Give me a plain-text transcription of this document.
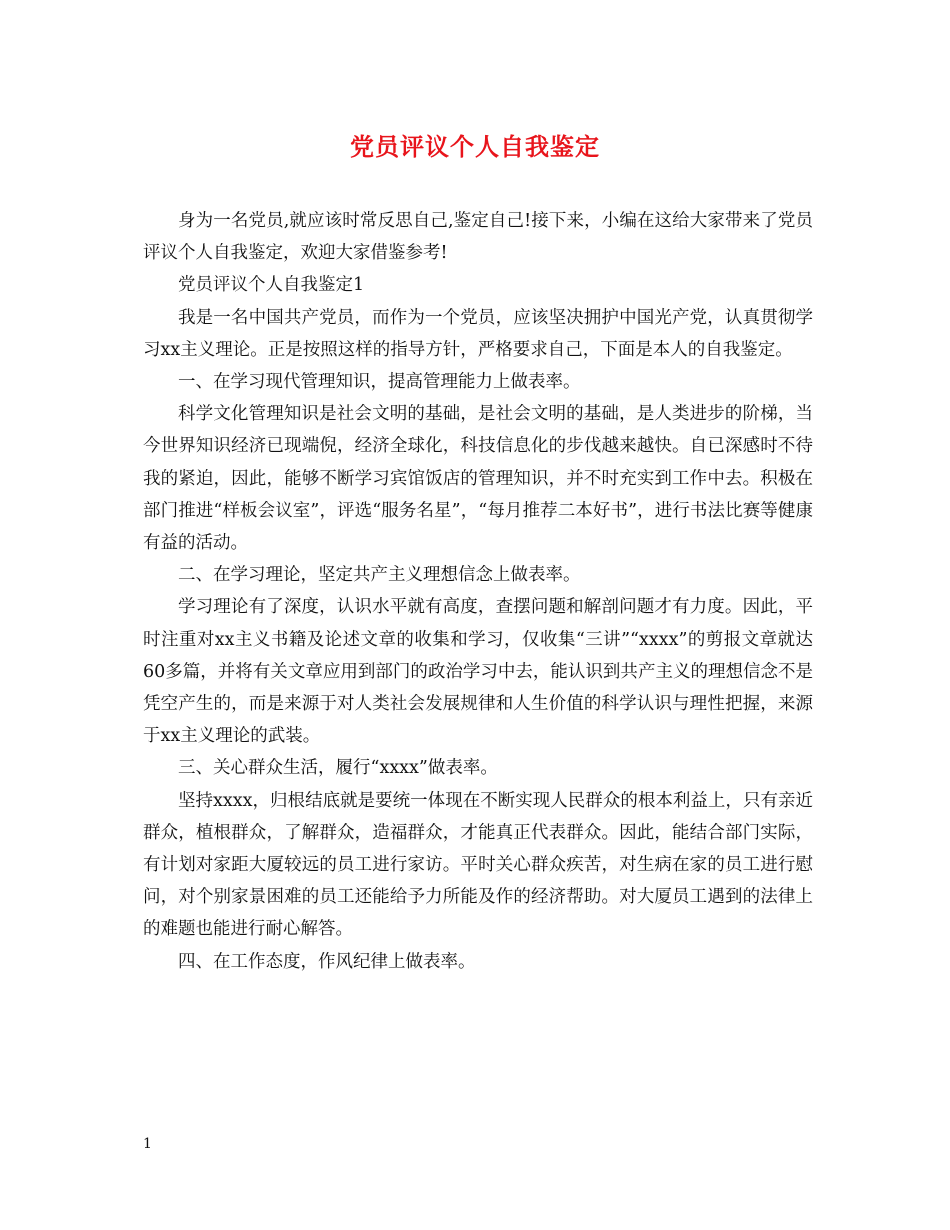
党员评议个人自我鉴定

身为一名党员,就应该时常反思自己,鉴定自己!接下来，小编在这给大家带来了党员评议个人自我鉴定，欢迎大家借鉴参考!

党员评议个人自我鉴定1

我是一名中国共产党员，而作为一个党员，应该坚决拥护中国光产党，认真贯彻学习xx主义理论。正是按照这样的指导方针，严格要求自己，下面是本人的自我鉴定。

一、在学习现代管理知识，提高管理能力上做表率。

科学文化管理知识是社会文明的基础，是社会文明的基础，是人类进步的阶梯，当今世界知识经济已现端倪，经济全球化，科技信息化的步伐越来越快。自已深感时不待我的紧迫，因此，能够不断学习宾馆饭店的管理知识，并不时充实到工作中去。积极在部门推进“样板会议室”，评选“服务名星”，“每月推荐二本好书”，进行书法比赛等健康有益的活动。

二、在学习理论，坚定共产主义理想信念上做表率。

学习理论有了深度，认识水平就有高度，查摆问题和解剖问题才有力度。因此，平时注重对xx主义书籍及论述文章的收集和学习，仅收集“三讲”“xxxx”的剪报文章就达60多篇，并将有关文章应用到部门的政治学习中去，能认识到共产主义的理想信念不是凭空产生的，而是来源于对人类社会发展规律和人生价值的科学认识与理性把握，来源于xx主义理论的武装。

三、关心群众生活，履行“xxxx”做表率。

坚持xxxx，归根结底就是要统一体现在不断实现人民群众的根本利益上，只有亲近群众，植根群众，了解群众，造福群众，才能真正代表群众。因此，能结合部门实际，有计划对家距大厦较远的员工进行家访。平时关心群众疾苦，对生病在家的员工进行慰问，对个别家景困难的员工还能给予力所能及作的经济帮助。对大厦员工遇到的法律上的难题也能进行耐心解答。

四、在工作态度，作风纪律上做表率。

1
